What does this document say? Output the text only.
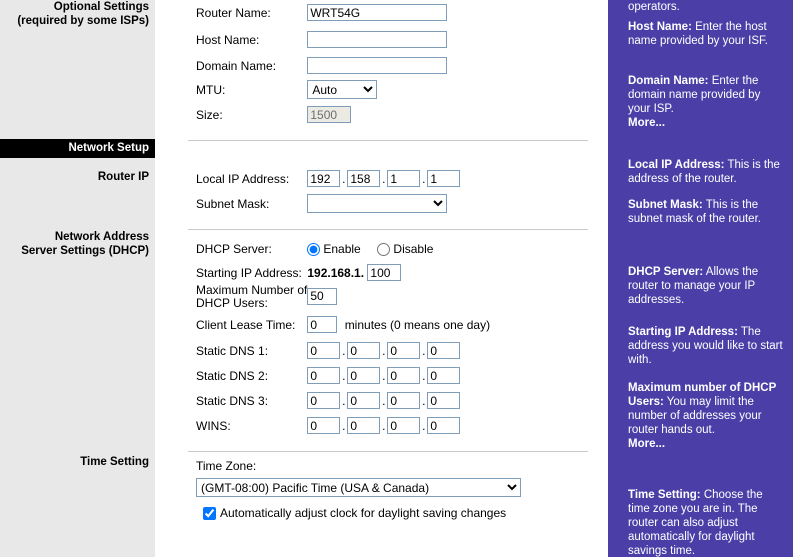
Optional Settings
(required by some ISPs)
Network Setup
Router IP
Network Address
Server Settings (DHCP)
Time Setting
Router Name: WRT54G
Host Name:
Domain Name:
MTU:
Auto
Size: 1500
Local IP Address: 192	.158	.1	.1
Subnet Mask:
DHCP Server:	Enable	Disable
Starting IP Address: 192.168.1. 100
Maximum Number of
DHCP Users: 50
Client Lease Time: 0	minutes (0 means one day)
Static DNS 1: 0	.0	.0	.0
Static DNS 2: 0	.0	.0	.0
Static DNS 3: 0	.0	.0	.0
WINS: 0	.0	.0	.0
Time Zone:
(GMT-08:00) Pacific Time (USA & Canada)
Automatically adjust clock for daylight saving changes
operators.
Host Name: Enter the host name provided by your ISF.
Domain Name: Enter the domain name provided by your ISP.
More...
Local IP Address: This is the address of the router.
Subnet Mask: This is the subnet mask of the router.
DHCP Server: Allows the router to manage your IP addresses.
Starting IP Address: The address you would like to start with.
Maximum number of DHCP Users: You may limit the number of addresses your router hands out.
More...
Time Setting: Choose the time zone you are in. The router can also adjust automatically for daylight savings time.
